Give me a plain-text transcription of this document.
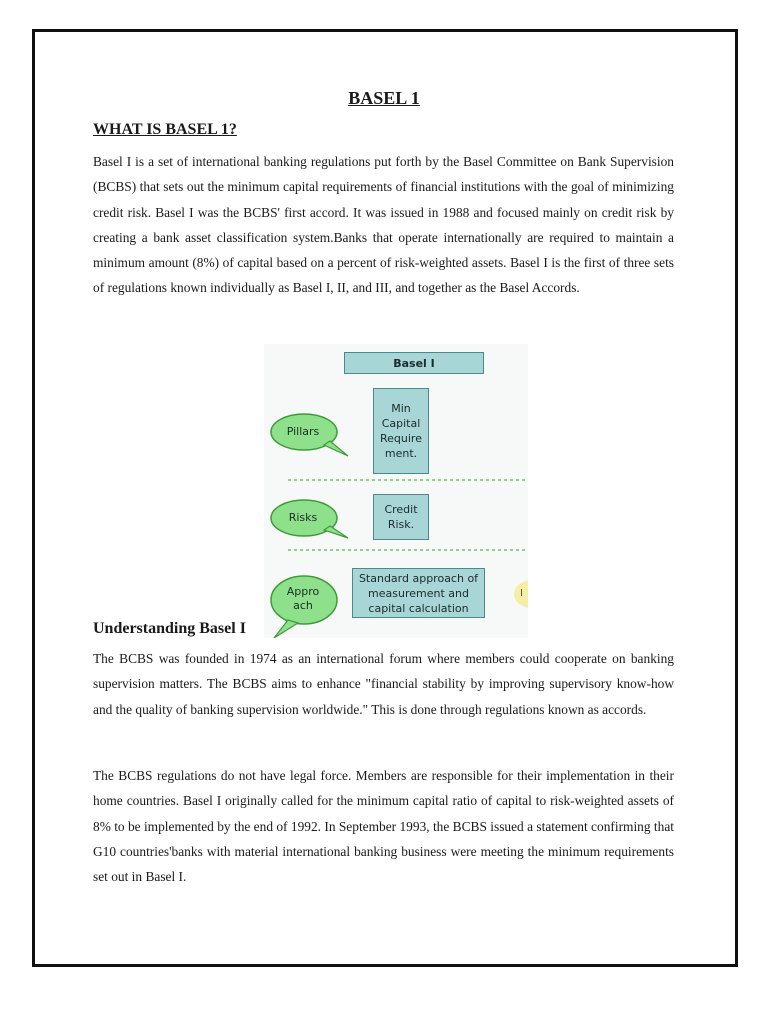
BASEL 1
WHAT IS BASEL 1?

Basel I is a set of international banking regulations put forth by the Basel Committee on Bank Supervision (BCBS) that sets out the minimum capital requirements of financial institutions with the goal of minimizing credit risk. Basel I was the BCBS' first accord. It was issued in 1988 and focused mainly on credit risk by creating a bank asset classification system.Banks that operate internationally are required to maintain a minimum amount (8%) of capital based on a percent of risk-weighted assets. Basel I is the first of three sets of regulations known individually as Basel I, II, and III, and together as the Basel Accords.

Basel I
Pillars
Min
Capital
Require
ment.
Risks
Credit
Risk.
Appro
ach
Standard approach of
measurement and
capital calculation
I
Understanding Basel I

The BCBS was founded in 1974 as an international forum where members could cooperate on banking supervision matters. The BCBS aims to enhance "financial stability by improving supervisory know-how and the quality of banking supervision worldwide." This is done through regulations known as accords.

The BCBS regulations do not have legal force. Members are responsible for their implementation in their home countries. Basel I originally called for the minimum capital ratio of capital to risk-weighted assets of 8% to be implemented by the end of 1992. In September 1993, the BCBS issued a statement confirming that G10 countries'banks with material international banking business were meeting the minimum requirements set out in Basel I.
